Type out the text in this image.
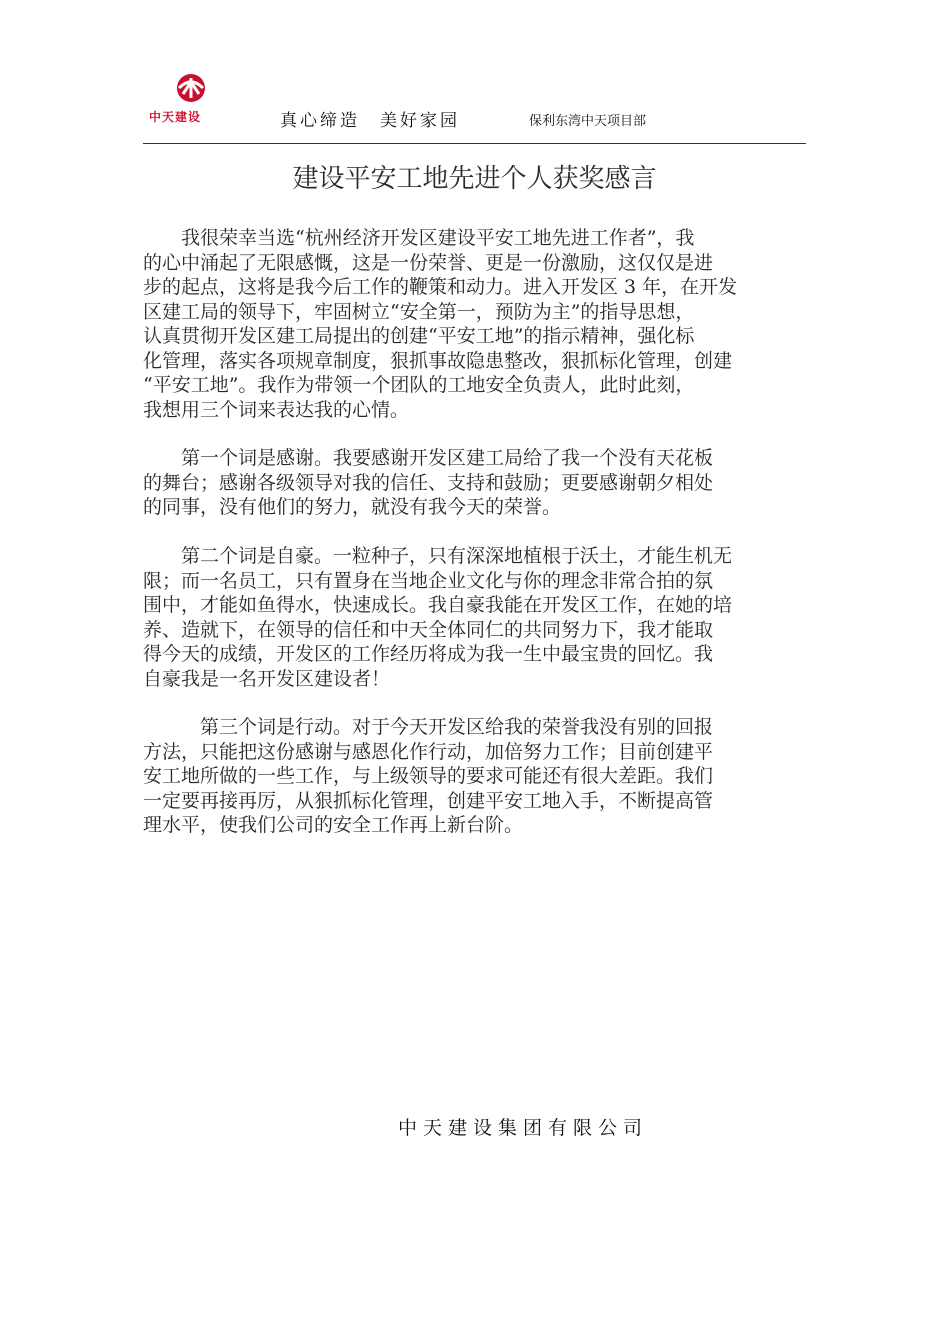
中天建设	真心缔造　美好家园	保利东湾中天项目部
建设平安工地先进个人获奖感言
　　我很荣幸当选“杭州经济开发区建设平安工地先进工作者”，我
的心中涌起了无限感慨，这是一份荣誉、更是一份激励，这仅仅是进
步的起点，这将是我今后工作的鞭策和动力。进入开发区 3 年，在开发
区建工局的领导下，牢固树立“安全第一，预防为主”的指导思想，
认真贯彻开发区建工局提出的创建“平安工地”的指示精神，强化标
化管理，落实各项规章制度，狠抓事故隐患整改，狠抓标化管理，创建
“平安工地”。我作为带领一个团队的工地安全负责人，此时此刻，
我想用三个词来表达我的心情。
　　第一个词是感谢。我要感谢开发区建工局给了我一个没有天花板
的舞台；感谢各级领导对我的信任、支持和鼓励；更要感谢朝夕相处
的同事，没有他们的努力，就没有我今天的荣誉。
　　第二个词是自豪。一粒种子，只有深深地植根于沃土，才能生机无
限；而一名员工，只有置身在当地企业文化与你的理念非常合拍的氛
围中，才能如鱼得水，快速成长。我自豪我能在开发区工作，在她的培
养、造就下，在领导的信任和中天全体同仁的共同努力下，我才能取
得今天的成绩，开发区的工作经历将成为我一生中最宝贵的回忆。我
自豪我是一名开发区建设者！
　　　第三个词是行动。对于今天开发区给我的荣誉我没有别的回报
方法，只能把这份感谢与感恩化作行动，加倍努力工作；目前创建平
安工地所做的一些工作，与上级领导的要求可能还有很大差距。我们
一定要再接再厉，从狠抓标化管理，创建平安工地入手，不断提高管
理水平，使我们公司的安全工作再上新台阶。
中天建设集团有限公司
